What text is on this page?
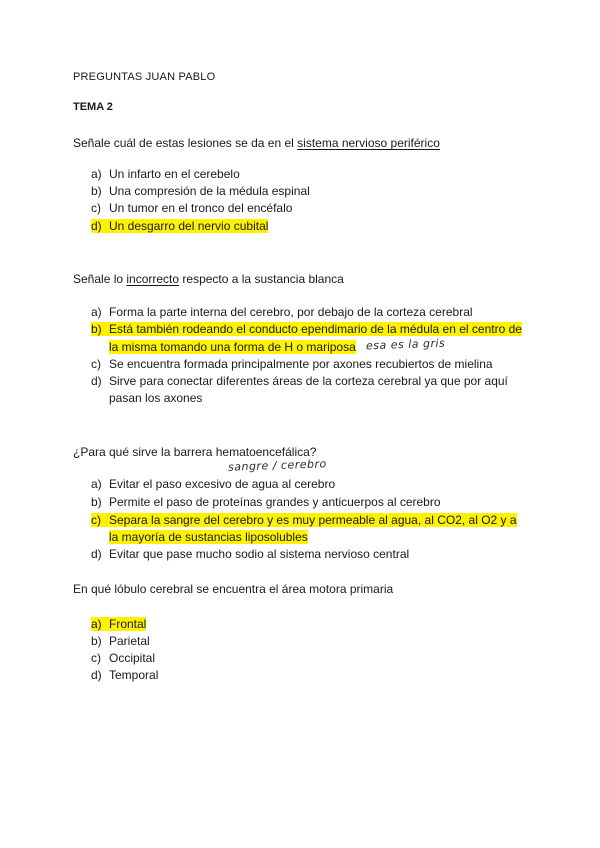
PREGUNTAS JUAN PABLO
TEMA 2
Señale cuál de estas lesiones se da en el sistema nervioso periférico
a) Un infarto en el cerebelo
b) Una compresión de la médula espinal
c) Un tumor en el tronco del encéfalo
d) Un desgarro del nervio cubital
Señale lo incorrecto respecto a la sustancia blanca
a) Forma la parte interna del cerebro, por debajo de la corteza cerebral
b) Está también rodeando el conducto ependimario de la médula en el centro de
la misma tomando una forma de H o mariposa esa es la gris
c) Se encuentra formada principalmente por axones recubiertos de mielina
d) Sirve para conectar diferentes áreas de la corteza cerebral ya que por aquí
pasan los axones
¿Para qué sirve la barrera hematoencefálica?
sangre / cerebro
a) Evitar el paso excesivo de agua al cerebro
b) Permite el paso de proteínas grandes y anticuerpos al cerebro
c) Separa la sangre del cerebro y es muy permeable al agua, al CO2, al O2 y a
la mayoría de sustancias liposolubles
d) Evitar que pase mucho sodio al sistema nervioso central
En qué lóbulo cerebral se encuentra el área motora primaria
a) Frontal
b) Parietal
c) Occipital
d) Temporal
